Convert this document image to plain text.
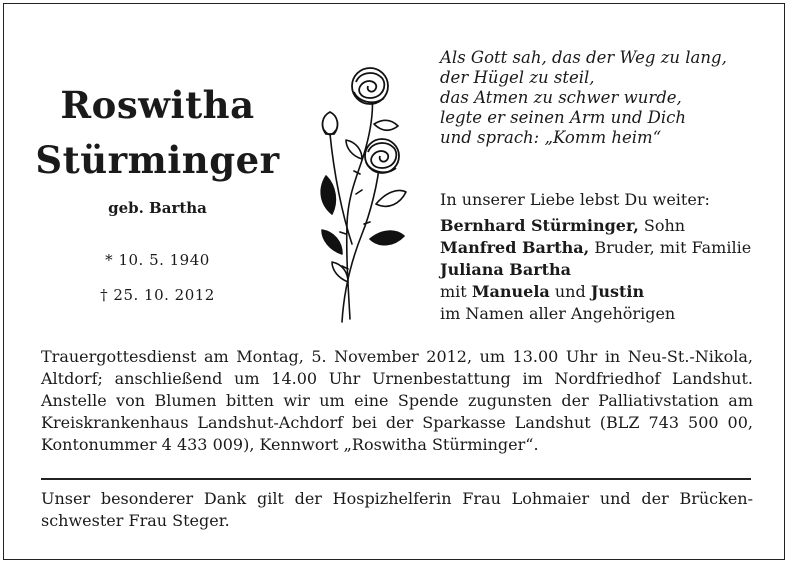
Roswitha
Stürminger
geb. Bartha
* 10. 5. 1940
† 25. 10. 2012
Als Gott sah, das der Weg zu lang,
der Hügel zu steil,
das Atmen zu schwer wurde,
legte er seinen Arm und Dich
und sprach: „Komm heim“
In unserer Liebe lebst Du weiter:
Bernhard Stürminger, Sohn
Manfred Bartha, Bruder, mit Familie
Juliana Bartha
mit Manuela und Justin
im Namen aller Angehörigen
Trauergottesdienst am Montag, 5. November 2012, um 13.00 Uhr in Neu-St.-Nikola, Altdorf; anschließend um 14.00 Uhr Urnenbestattung im Nordfriedhof Landshut. Anstelle von Blumen bitten wir um eine Spende zugunsten der Palliativstation am Kreiskrankenhaus Landshut-Achdorf bei der Sparkasse Landshut (BLZ 743 500 00, Kontonummer 4 433 009), Kennwort „Roswitha Stürminger“.
Unser besonderer Dank gilt der Hospizhelferin Frau Lohmaier und der Brücken-schwester Frau Steger.
